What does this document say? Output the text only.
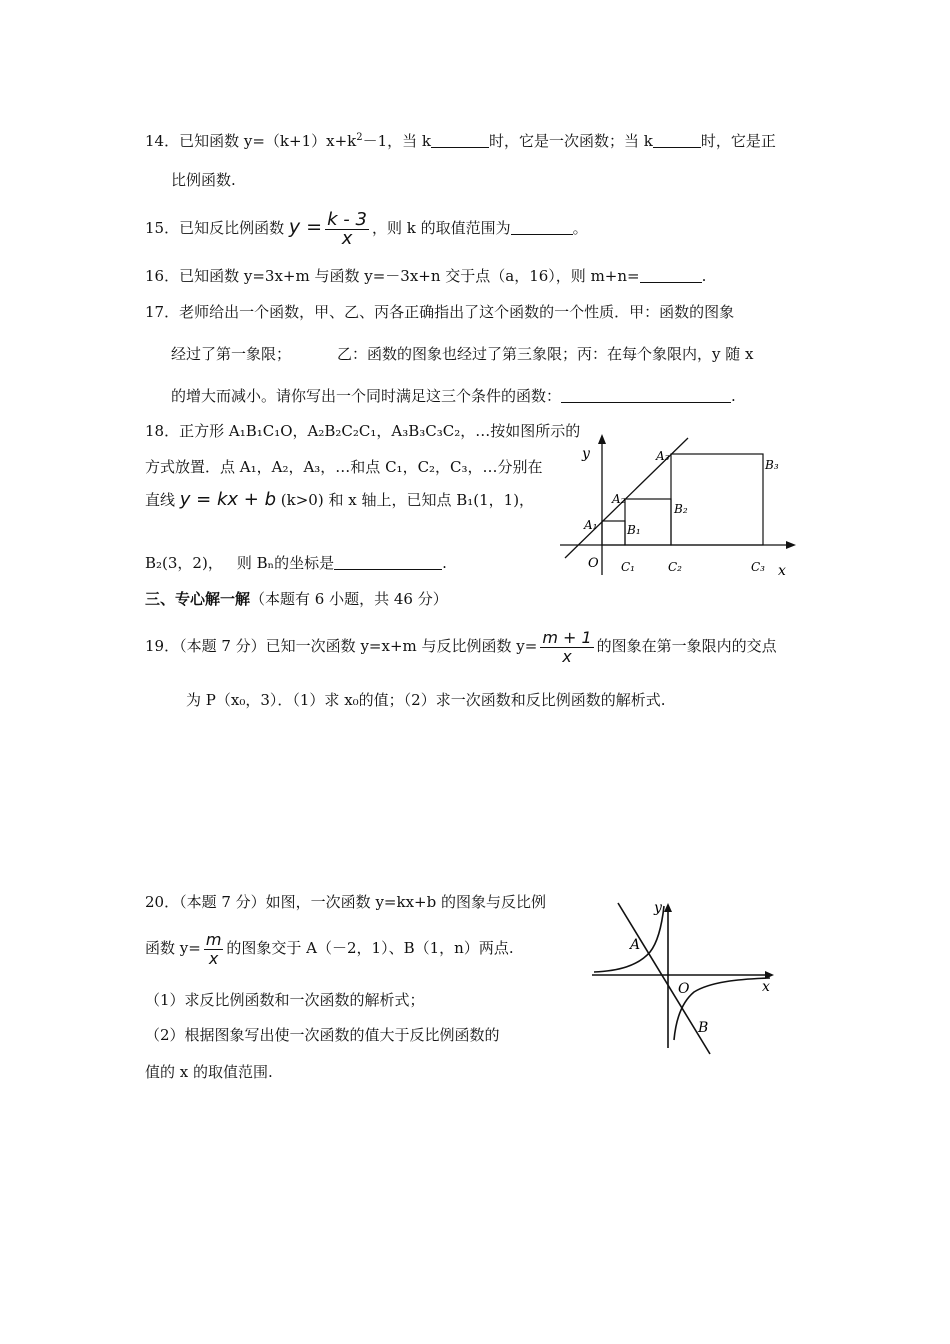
14．已知函数 $y=(k+1)x+k^2-1$，当 k	时，它是一次函数；当 k	时，它是正
比例函数.
15．已知反比例函数 $y = \frac{k - 3}{x}$ ，则 k 的取值范围为	。
16．已知函数 y=3x+m 与函数 y=－3x+n 交于点（a，16），则 m+n=	.
17．老师给出一个函数，甲、乙、丙各正确指出了这个函数的一个性质．甲：函数的图象
经过了第一象限；	乙：函数的图象也经过了第三象限；丙：在每个象限内，y 随 x
的增大而减小。请你写出一个同时满足这三个条件的函数：	.
18．正方形 A₁B₁C₁O，A₂B₂C₂C₁，A₃B₃C₃C₂，…按如图所示的
方式放置．点 A₁，A₂，A₃，…和点 C₁，C₂，C₃，…分别在
直线 y = kx + b (k>0) 和 x 轴上，已知点 B₁(1，1)，
B₂(3，2)， 则 Bₙ的坐标是	.
y
x
O
A₁
A₂
A₃
B₁
B₂
B₃
C₁	C₂	C₃
三、专心解一解（本题有 6 小题，共 46 分）
19．（本题 7 分）已知一次函数 y=x+m 与反比例函数 $y= \frac{m + 1}{x}$ 的图象在第一象限内的交点
为 P（x₀，3）．（1）求 x₀的值；（2）求一次函数和反比例函数的解析式.
20．（本题 7 分）如图，一次函数 y=kx+b 的图象与反比例
函数 $y= \frac{m}{x}$ 的图象交于 A（－2，1）、B（1，n）两点.
（1）求反比例函数和一次函数的解析式；
（2）根据图象写出使一次函数的值大于反比例函数的
值的 x 的取值范围.
y
x
O
A
B
